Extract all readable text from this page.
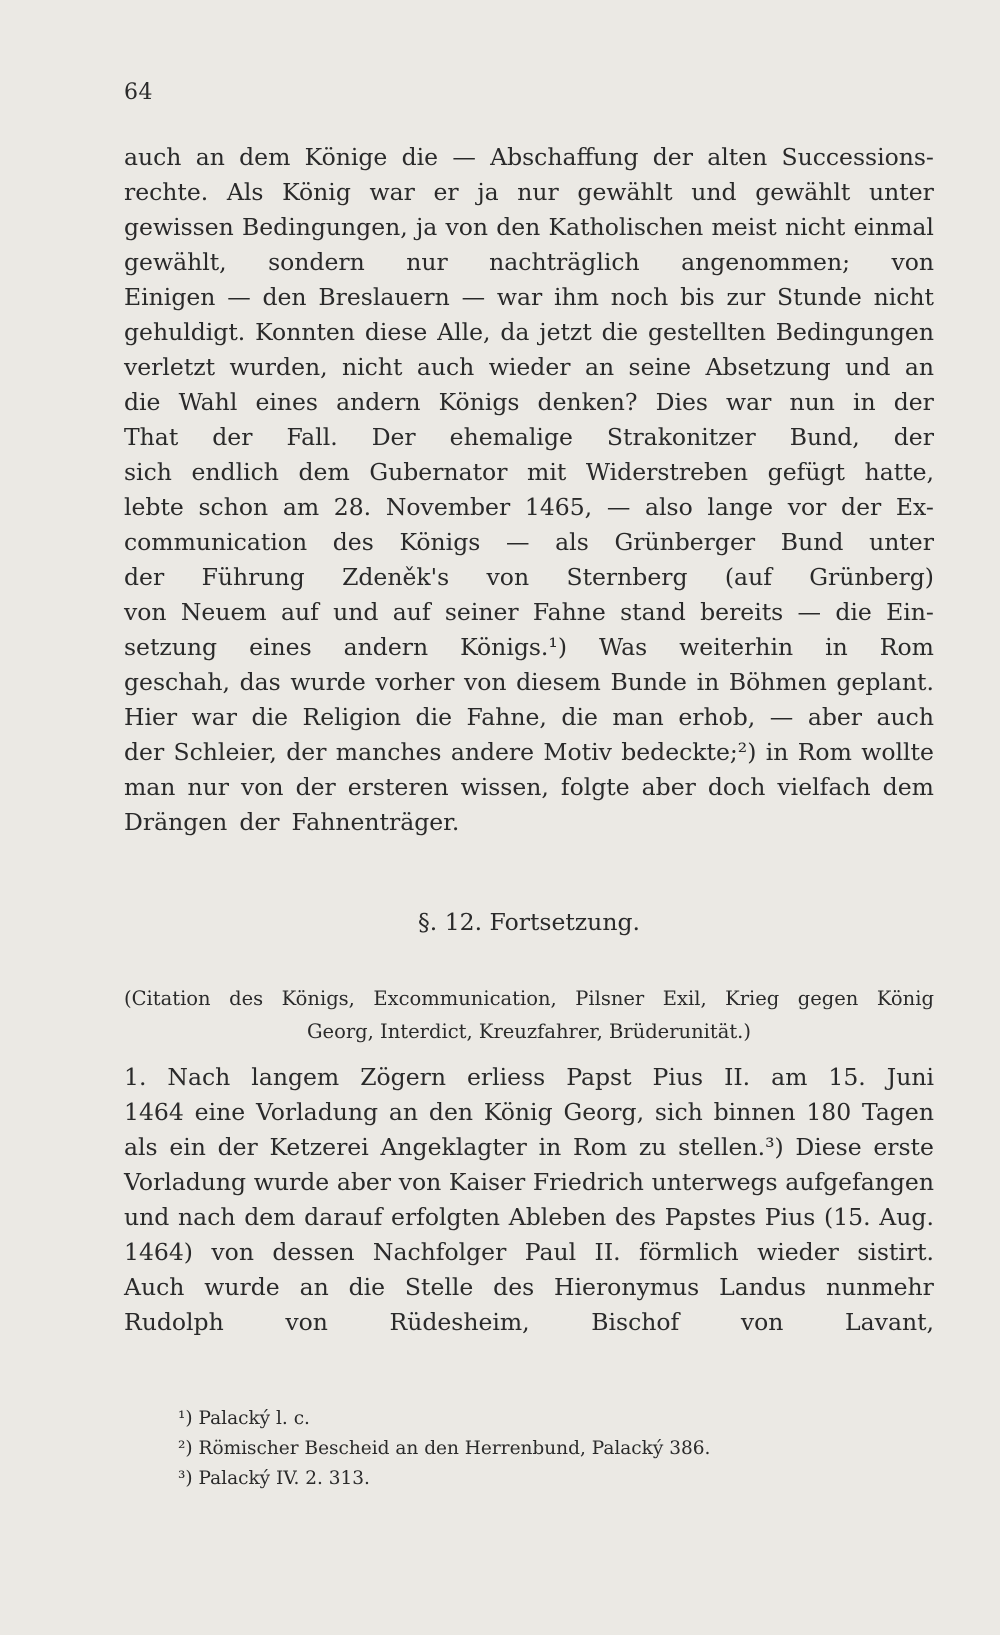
64
auch an dem Könige die — Abschaffung der alten Successions-
rechte. Als König war er ja nur gewählt und gewählt unter
gewissen Bedingungen, ja von den Katholischen meist nicht einmal
gewählt, sondern nur nachträglich angenommen; von
Einigen — den Breslauern — war ihm noch bis zur Stunde nicht
gehuldigt. Konnten diese Alle, da jetzt die gestellten Bedingungen
verletzt wurden, nicht auch wieder an seine Absetzung und an
die Wahl eines andern Königs denken? Dies war nun in der
That der Fall. Der ehemalige Strakonitzer Bund, der
sich endlich dem Gubernator mit Widerstreben gefügt hatte,
lebte schon am 28. November 1465, — also lange vor der Ex-
communication des Königs — als Grünberger Bund unter
der Führung Zdeněk's von Sternberg (auf Grünberg)
von Neuem auf und auf seiner Fahne stand bereits — die Ein-
setzung eines andern Königs.¹) Was weiterhin in Rom
geschah, das wurde vorher von diesem Bunde in Böhmen geplant.
Hier war die Religion die Fahne, die man erhob, — aber auch
der Schleier, der manches andere Motiv bedeckte;²) in Rom wollte
man nur von der ersteren wissen, folgte aber doch vielfach dem
Drängen der Fahnenträger.
§. 12. Fortsetzung.
(Citation des Königs, Excommunication, Pilsner Exil, Krieg gegen König
Georg, Interdict, Kreuzfahrer, Brüderunität.)
1. Nach langem Zögern erliess Papst Pius II. am 15. Juni
1464 eine Vorladung an den König Georg, sich binnen 180 Tagen
als ein der Ketzerei Angeklagter in Rom zu stellen.³) Diese erste
Vorladung wurde aber von Kaiser Friedrich unterwegs aufgefangen
und nach dem darauf erfolgten Ableben des Papstes Pius (15. Aug.
1464) von dessen Nachfolger Paul II. förmlich wieder sistirt.
Auch wurde an die Stelle des Hieronymus Landus nunmehr
Rudolph	von	Rüdesheim,	Bischof	von	Lavant,
¹) Palacký l. c.
²) Römischer Bescheid an den Herrenbund, Palacký 386.
³) Palacký IV. 2. 313.
